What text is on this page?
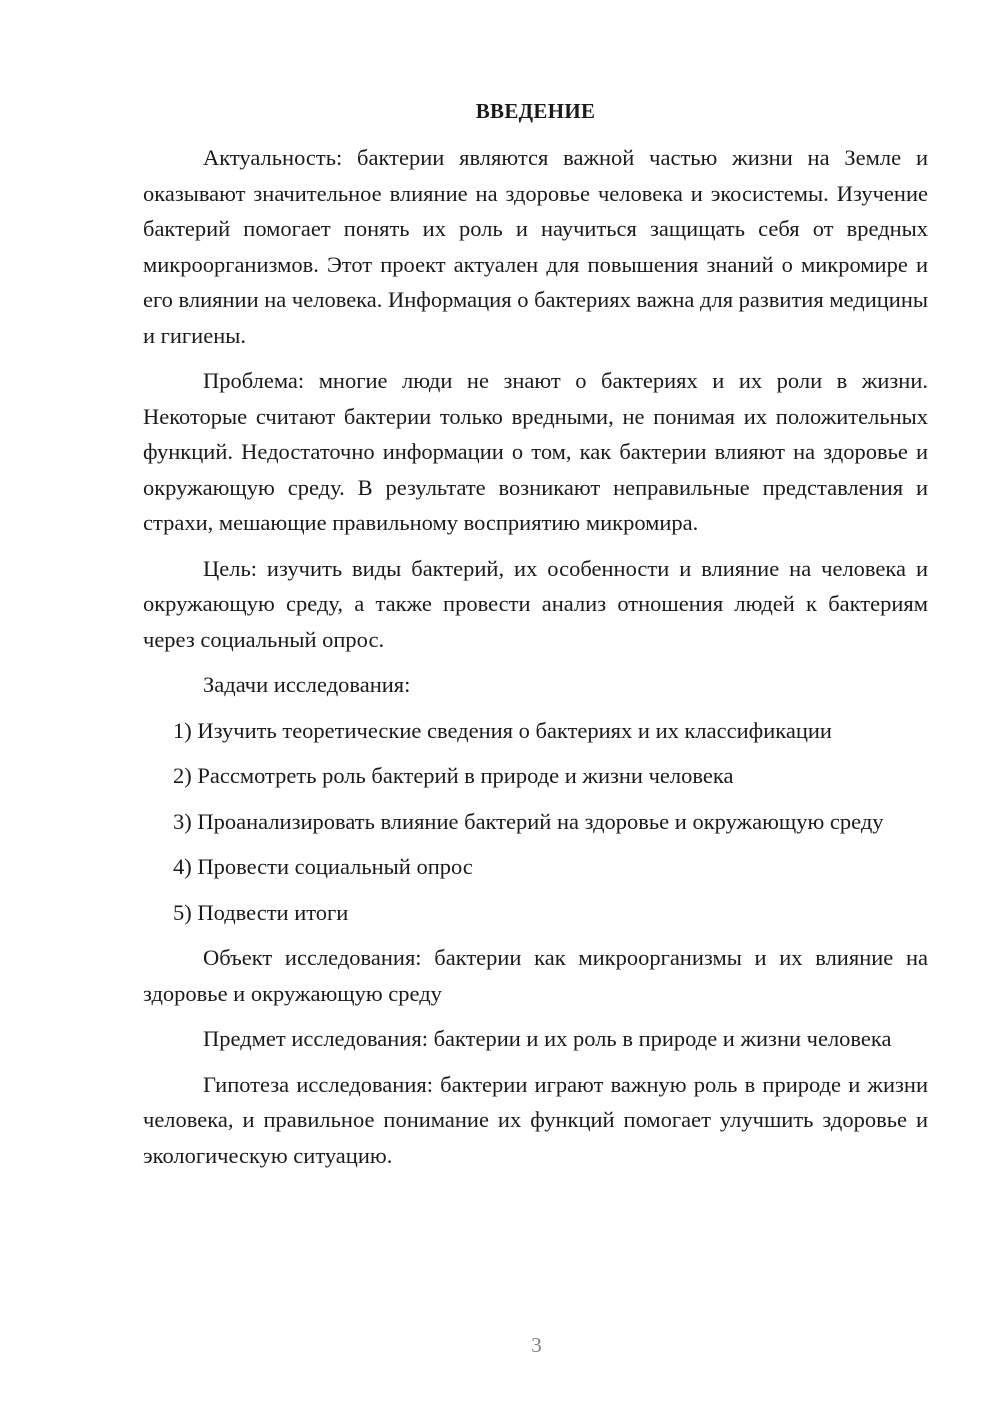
ВВЕДЕНИЕ

Актуальность: бактерии являются важной частью жизни на Земле и оказывают значительное влияние на здоровье человека и экосистемы. Изучение бактерий помогает понять их роль и научиться защищать себя от вредных микроорганизмов. Этот проект актуален для повышения знаний о микромире и его влиянии на человека. Информация о бактериях важна для развития медицины и гигиены.

Проблема: многие люди не знают о бактериях и их роли в жизни. Некоторые считают бактерии только вредными, не понимая их положительных функций. Недостаточно информации о том, как бактерии влияют на здоровье и окружающую среду. В результате возникают неправильные представления и страхи, мешающие правильному восприятию микромира.

Цель: изучить виды бактерий, их особенности и влияние на человека и окружающую среду, а также провести анализ отношения людей к бактериям через социальный опрос.

Задачи исследования:

1) Изучить теоретические сведения о бактериях и их классификации

2) Рассмотреть роль бактерий в природе и жизни человека

3) Проанализировать влияние бактерий на здоровье и окружающую среду

4) Провести социальный опрос

5) Подвести итоги

Объект исследования: бактерии как микроорганизмы и их влияние на здоровье и окружающую среду

Предмет исследования: бактерии и их роль в природе и жизни человека

Гипотеза исследования: бактерии играют важную роль в природе и жизни человека, и правильное понимание их функций помогает улучшить здоровье и экологическую ситуацию.

3
